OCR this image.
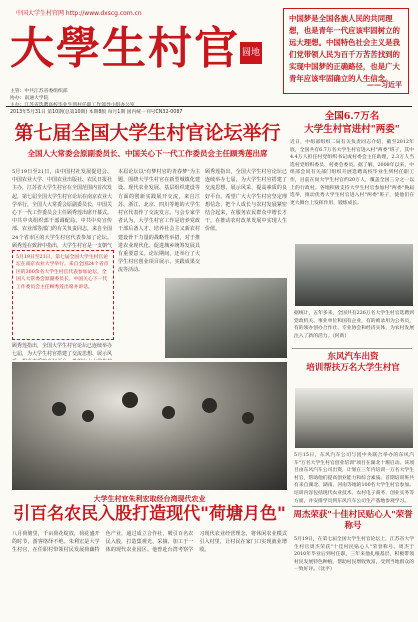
中国大学生村官网 http://www.dxscg.com.cn
大學生村官 圆地
中国梦是全国各族人民的共同理想，也是青年一代应该牢固树立的远大理想。中国特色社会主义是我们党带领人民为百千万苦苦找到的实现中国梦的正确路径，也是广大青年应该牢固确立的人生信念。
——习近平
主管：中共江苏省委组织部
协办：南通大学院
2013年5月31日 第10期(总第10期) 本期8版 每月1期 国内统一刊号CN32-0087
第七届全国大学生村官论坛举行
全国人大常委会原副委员长、中国关心下一代工作委员会主任顾秀莲出席
5月19日至21日，由中国村社发展促进会、中国农业大学、中国农业出版社、农民日报社主办，江苏省大学生村官在全国范围内首次发起，第七届全国大学生村官论坛在南京农业大学举行，全国人大常委会原副委员长，中国关心下一代工作委员会主任顾秀莲出席开幕式。中共中央组织部干部调配局、中共中央宣传部、农业部等部门的有关负责同志，来自全国24个省市区的大学生村官代表参加了论坛。顾秀莲在致辞中指出，大学生村官是一支朝气
5月19日至21日，第七届全国大学生村官论坛在南京农业大学举行。来自全国24个省市区的300余名大学生村官代表参加论坛，全国人大常委会原副委员长、中国关心下一代工作委员会主任顾秀莲出席并讲话。
顾秀莲指出，全国大学生村官论坛已连续举办七届，为大学生村官搭建了交流思想、展示风
本届论坛以"有梦村官的青春梦"为主题，围绕大学生村官在新型城镇化建设、现代农业发展、基层组织建设等方面的创新实践展开交流，来自江苏、浙江、北京、四川等地的大学生村官代表作了交流发言。与会专家学者认为，大学生村官工作是培养党政干部后备人才、培养社会主义新农村建设骨干力量的战略性举措，对于推进农业现代化、促进城乡统筹发展具有重要意义。论坛期间，还举行了大学生村官创业项目展示、实践成果交流等活动。
顾秀莲指出，全国大学生村官论坛已连续举办七届，为大学生村官搭建了交流思想、展示风采、提高素质的良好平台。希望广大大学生村官坚定理想信念，把个人成长与农村发展紧密结合起来，在服务农民群众中增长才干，在推动农村改革发展中实现人生价值。
大学生村官朱利宏取经台湾现代农业
引百名农民入股打造现代"荷塘月色"
八月荷塘里，千亩荷花绽放，荷花盛开的时节，游客络绎不绝。朱利宏是大学生村官，在任职村带领村民发展荷藕特色产业，通过成立合作社，吸引百名农民入股，打造集观光、采摘、加工于一体的现代农业园区。他曾赴台湾考察学习现代农业经营理念，将休闲农业模式引入村里，让村民在家门口实现就业增收。
全国6.7万名
大学生村官进村"两委"
近日，中组部组织二局有关负责同志介绍，截至2012年底，全国共有6.7万名大学生村官进入村"两委"班子，其中4.4万人担任村党组织书记或村委会主任助理，2.3万人当选村党组织委员、村委会委员。据了解，2008年以来，中组部会同有关部门组织开展选聘高校毕业生到村任职工作，目前在岗大学生村官约20万人，覆盖全国三分之一以上的行政村。各地积极支持大学生村官参加村"两委"换届选举，推动优秀大学生村官进入村"两委"班子，使他们在更大舞台上发挥作用、锻炼成长。
据统计，五年多来，全国共有226万名大学生村官选聘到党政机关、事业单位和国有企业，有的被录用为公务员，有的领办创办合作社、专业协会和经济实体，为农村发展注入了新的活力。（何新）
东风汽车出资
培训帮扶万名大学生村官
5月15日，东风汽车公司与团中央联合举办的东风汽车"万名大学生村官创业培训"项目在湖北十堰启动。该项目由东风汽车公司出资，计划在三年内培训一万名大学生村官，帮助他们提高创业能力和综合素质。首期培训班共有来自湖北、湖南、河南等地的100名大学生村官参加。培训内容包括现代农业技术、农村电子商务、创业实务等方面，并安排学员到东风汽车公司生产基地参观学习。
周杰荣获"十佳村民贴心人"荣誉称号
5月19日，在第七届全国大学生村官论坛上，江苏省大学生村官周杰荣获"十佳村民贴心人"荣誉称号。周杰于2010年毕业后到村任职，三年来他扎根基层，积极带领村民发展特色种植，帮助村民增收致富，受到当地群众的一致好评。（沈平）
